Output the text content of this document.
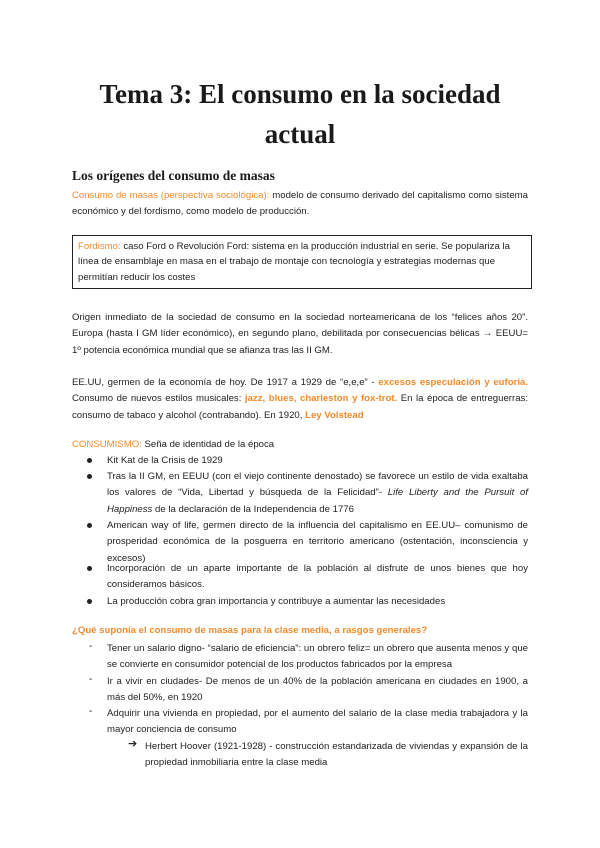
Tema 3: El consumo en la sociedad
actual
Los orígenes del consumo de masas

Consumo de masas (perspectiva sociológica): modelo de consumo derivado del capitalismo como sistema económico y del fordismo, como modelo de producción.

Fordismo: caso Ford o Revolución Ford: sistema en la producción industrial en serie. Se populariza la línea de ensamblaje en masa en el trabajo de montaje con tecnología y estrategias modernas que permitían reducir los costes

Origen inmediato de la sociedad de consumo en la sociedad norteamericana de los “felices años 20”. Europa (hasta I GM líder económico), en segundo plano, debilitada por consecuencias bélicas → EEUU= 1º potencia económica mundial que se afianza tras las II GM.

EE.UU, germen de la economía de hoy. De 1917 a 1929 de “e,e,e” - excesos especulación y euforia. Consumo de nuevos estilos musicales: jazz, blues, charleston y fox-trot. En la época de entreguerras: consumo de tabaco y alcohol (contrabando). En 1920, Ley Volstead

CONSUMISMO: Seña de identidad de la época

Kit Kat de la Crisis de 1929

Tras la II GM, en EEUU (con el viejo continente denostado) se favorece un estilo de vida exaltaba los valores de “Vida, Libertad y búsqueda de la Felicidad”- Life Liberty and the Pursuit of Happiness de la declaración de la Independencia de 1776

American way of life, germen directo de la influencia del capitalismo en EE.UU– comunismo de prosperidad económica de la posguerra en territorio americano (ostentación, inconsciencia y excesos)

Incorporación de un aparte importante de la población al disfrute de unos bienes que hoy consideramos básicos.

La producción cobra gran importancia y contribuye a aumentar las necesidades

¿Qué suponía el consumo de masas para la clase media, a rasgos generales?

- Tener un salario digno- “salario de eficiencia”: un obrero feliz= un obrero que ausenta menos y que se convierte en consumidor potencial de los productos fabricados por la empresa

- Ir a vivir en ciudades- De menos de un 40% de la población americana en ciudades en 1900, a más del 50%, en 1920

- Adquirir una vivienda en propiedad, por el aumento del salario de la clase media trabajadora y la mayor conciencia de consumo

➔ Herbert Hoover (1921-1928) - construcción estandarizada de viviendas y expansión de la propiedad inmobiliaria entre la clase media
